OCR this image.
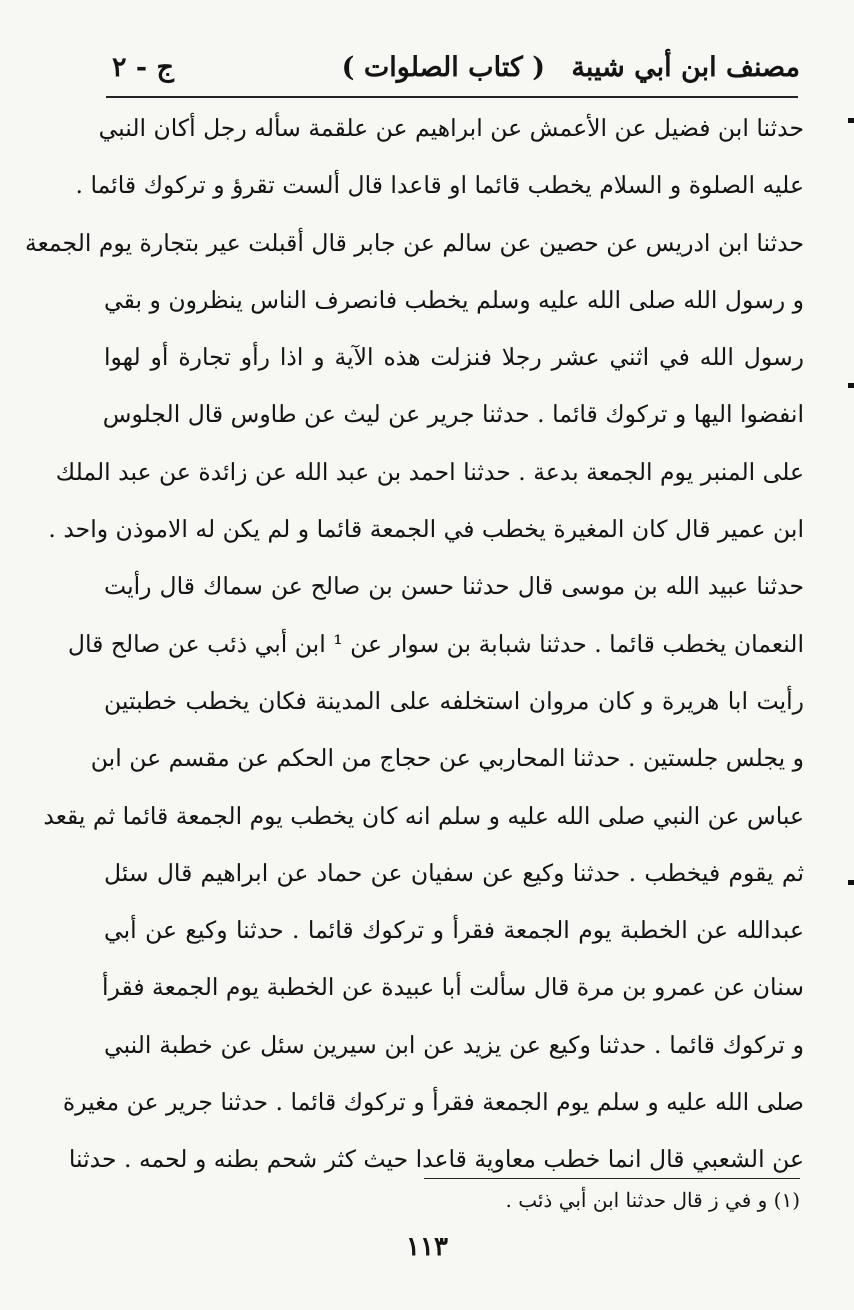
مصنف ابن أبي شيبة
( كتاب الصلوات )
ج - ٢
حدثنا ابن فضيل عن الأعمش عن ابراهيم عن علقمة سأله رجل أكان النبي
عليه الصلوة و السلام يخطب قائما او قاعدا قال ألست تقرؤ و تركوك قائما .
حدثنا ابن ادريس عن حصين عن سالم عن جابر قال أقبلت عير بتجارة يوم الجمعة
و رسول الله صلى الله عليه وسلم يخطب فانصرف الناس ينظرون و بقي
رسول الله في اثني عشر رجلا فنزلت هذه الآية و اذا رأو تجارة أو لهوا
انفضوا اليها و تركوك قائما . حدثنا جرير عن ليث عن طاوس قال الجلوس
على المنبر يوم الجمعة بدعة . حدثنا احمد بن عبد الله عن زائدة عن عبد الملك
ابن عمير قال كان المغيرة يخطب في الجمعة قائما و لم يكن له الاموذن واحد .
حدثنا عبيد الله بن موسى قال حدثنا حسن بن صالح عن سماك قال رأيت
النعمان يخطب قائما . حدثنا شبابة بن سوار عن ¹ ابن أبي ذئب عن صالح قال
رأيت ابا هريرة و كان مروان استخلفه على المدينة فكان يخطب خطبتين
و يجلس جلستين . حدثنا المحاربي عن حجاج من الحكم عن مقسم عن ابن
عباس عن النبي صلى الله عليه و سلم انه كان يخطب يوم الجمعة قائما ثم يقعد
ثم يقوم فيخطب . حدثنا وكيع عن سفيان عن حماد عن ابراهيم قال سئل
عبدالله عن الخطبة يوم الجمعة فقرأ و تركوك قائما . حدثنا وكيع عن أبي
سنان عن عمرو بن مرة قال سألت أبا عبيدة عن الخطبة يوم الجمعة فقرأ
و تركوك قائما . حدثنا وكيع عن يزيد عن ابن سيرين سئل عن خطبة النبي
صلى الله عليه و سلم يوم الجمعة فقرأ و تركوك قائما . حدثنا جرير عن مغيرة
عن الشعبي قال انما خطب معاوية قاعدا حيث كثر شحم بطنه و لحمه . حدثنا
(١) و في ز قال حدثنا ابن أبي ذئب .
١١٣
